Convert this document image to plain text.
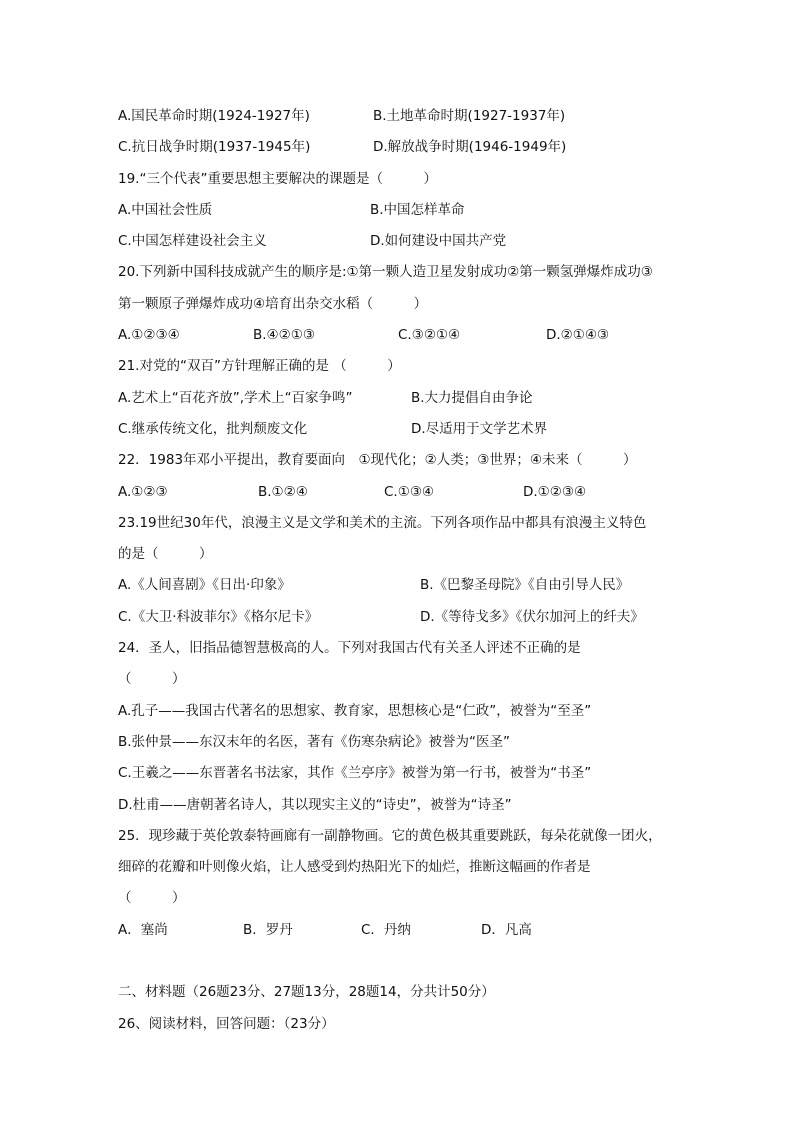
A.国民革命时期(1924-1927年)	B.土地革命时期(1927-1937年)
C.抗日战争时期(1937-1945年)	D.解放战争时期(1946-1949年)
19.“三个代表”重要思想主要解决的课题是（　　　）
A.中国社会性质	B.中国怎样革命
C.中国怎样建设社会主义	D.如何建设中国共产党
20.下列新中国科技成就产生的顺序是:①第一颗人造卫星发射成功②第一颗氢弹爆炸成功③
第一颗原子弹爆炸成功④培育出杂交水稻（　　　）
A.①②③④	B.④②①③	C.③②①④	D.②①④③
21.对党的“双百”方针理解正确的是 （　　　）
A.艺术上“百花齐放”,学术上“百家争鸣”	B.大力提倡自由争论
C.继承传统文化，批判颓废文化	D.尽适用于文学艺术界
22．1983年邓小平提出，教育要面向　①现代化；②人类；③世界；④未来（　　　）
A.①②③	B.①②④	C.①③④	D.①②③④
23.19世纪30年代，浪漫主义是文学和美术的主流。下列各项作品中都具有浪漫主义特色
的是（　　　）
A.《人间喜剧》《日出·印象》	B.《巴黎圣母院》《自由引导人民》
C.《大卫·科波菲尔》《格尔尼卡》	D.《等待戈多》《伏尔加河上的纤夫》
24．圣人，旧指品德智慧极高的人。下列对我国古代有关圣人评述不正确的是
（　　　）
A.孔子——我国古代著名的思想家、教育家，思想核心是“仁政”，被誉为“至圣”
B.张仲景——东汉末年的名医，著有《伤寒杂病论》被誉为“医圣”
C.王羲之——东晋著名书法家，其作《兰亭序》被誉为第一行书，被誉为“书圣”
D.杜甫——唐朝著名诗人，其以现实主义的“诗史”，被誉为“诗圣”
25．现珍藏于英伦敦泰特画廊有一副静物画。它的黄色极其重要跳跃，每朵花就像一团火，
细碎的花瓣和叶则像火焰，让人感受到灼热阳光下的灿烂，推断这幅画的作者是
（　　　）
A．塞尚	B．罗丹	C．丹纳	D．凡高
二、材料题（26题23分、27题13分，28题14，分共计50分）
26、阅读材料，回答问题：（23分）
